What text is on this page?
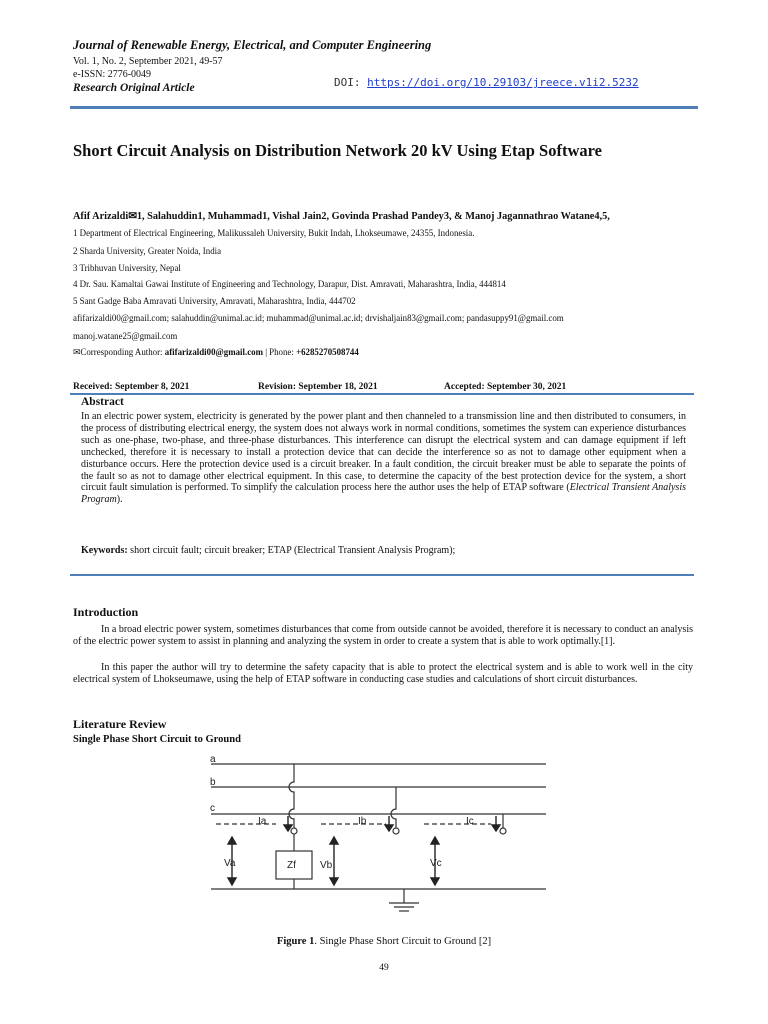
Journal of Renewable Energy, Electrical, and Computer Engineering
Vol. 1, No. 2, September 2021, 49-57
e-ISSN: 2776-0049
Research Original Article	DOI: https://doi.org/10.29103/jreece.v1i2.5232
Short Circuit Analysis on Distribution Network 20 kV Using Etap Software
Afif Arizaldi✉1, Salahuddin1, Muhammad1, Vishal Jain2, Govinda Prashad Pandey3, & Manoj Jagannathrao Watane4,5,
1 Department of Electrical Engineering, Malikussaleh University, Bukit Indah, Lhokseumawe, 24355, Indonesia.
2 Sharda University, Greater Noida, India
3 Tribhuvan University, Nepal
4 Dr. Sau. Kamaltai Gawai Institute of Engineering and Technology, Darapur, Dist. Amravati, Maharashtra, India, 444814
5 Sant Gadge Baba Amravati University, Amravati, Maharashtra, India, 444702
afifarizaldi00@gmail.com; salahuddin@unimal.ac.id; muhammad@unimal.ac.id; drvishaljain83@gmail.com; pandasuppy91@gmail.com
manoj.watane25@gmail.com
✉Corresponding Author: afifarizaldi00@gmail.com | Phone: +6285270508744
Received: September 8, 2021	Revision: September 18, 2021	Accepted: September 30, 2021
Abstract
In an electric power system, electricity is generated by the power plant and then channeled to a transmission line and then distributed to consumers, in the process of distributing electrical energy, the system does not always work in normal conditions, sometimes the system can experience disturbances such as one-phase, two-phase, and three-phase disturbances. This interference can disrupt the electrical system and can damage equipment if left unchecked, therefore it is necessary to install a protection device that can decide the interference so as not to damage other equipment when a disturbance occurs. Here the protection device used is a circuit breaker. In a fault condition, the circuit breaker must be able to separate the points of the fault so as not to damage other electrical equipment. In this case, to determine the capacity of the best protection device for the system, a short circuit fault simulation is performed. To simplify the calculation process here the author uses the help of ETAP software (Electrical Transient Analysis Program).
Keywords: short circuit fault; circuit breaker; ETAP (Electrical Transient Analysis Program);
Introduction
In a broad electric power system, sometimes disturbances that come from outside cannot be avoided, therefore it is necessary to conduct an analysis of the electric power system to assist in planning and analyzing the system in order to create a system that is able to work optimally.[1].
In this paper the author will try to determine the safety capacity that is able to protect the electrical system and is able to work well in the city electrical system of Lhokseumawe, using the help of ETAP software in conducting case studies and calculations of short circuit disturbances.
Literature Review
Single Phase Short Circuit to Ground
a
b
c
Ia	Ib	Ic
Va	Vb	Vc
Zf
Figure 1. Single Phase Short Circuit to Ground [2]
49
